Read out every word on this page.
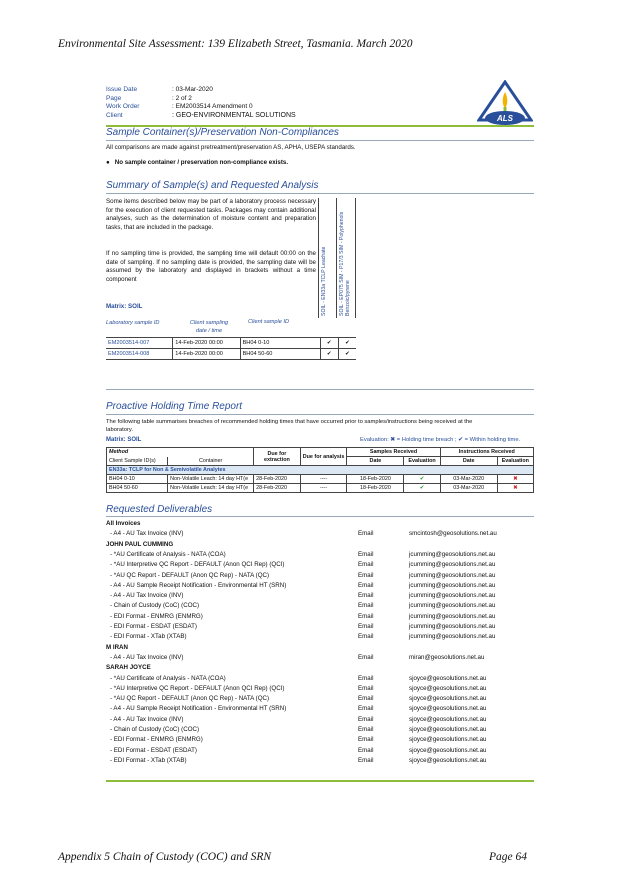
Environmental Site Assessment: 139 Elizabeth Street, Tasmania. March 2020
Appendix 5 Chain of Custody (COC) and SRN	Page 64
Issue Date	: 03-Mar-2020
Page	: 2 of 2
Work Order	: EM2003514 Amendment 0
Client	: GEO-ENVIRONMENTAL SOLUTIONS	ALS
Sample Container(s)/Preservation Non-Compliances
All comparisons are made against pretreatment/preservation AS, APHA, USEPA standards.
● No sample container / preservation non-compliance exists.
Summary of Sample(s) and Requested Analysis
Some items described below may be part of a laboratory process necessary for the execution of client requested tasks. Packages may contain additional analyses, such as the determination of moisture content and preparation tasks, that are included in the package.
If no sampling time is provided, the sampling time will default 00:00 on the date of sampling. If no sampling date is provided, the sampling date will be assumed by the laboratory and displayed in brackets without a time component
Matrix: SOIL	SOIL - EN33a TCLP Leachate	SOIL - EP075 SIM - P17/3 SIM - Polyphenols Benzoic/pyrene
Laboratory sample ID	Client sampling date / time
Client sample ID
EM2003514-007	14-Feb-2020 00:00	BH04 0-10	✔	✔
EM2003514-008	14-Feb-2020 00:00	BH04 50-60	✔	✔
Proactive Holding Time Report
The following table summarises breaches of recommended holding times that have occurred prior to samples/instructions being received at the laboratory.
Matrix: SOIL	Evaluation: ✖ = Holding time breach ; ✔ = Within holding time.
Method		Due for extraction	Due for analysis	Samples Received		Instructions Received	
Client Sample ID(s)	Container			Date	Evaluation	Date	Evaluation
EN33a: TCLP for Non & Semivolatile Analytes							
BH04 0-10	Non-Volatile Leach: 14 day HT(e	28-Feb-2020	----	18-Feb-2020	✔	03-Mar-2020	✖
BH04 50-60	Non-Volatile Leach: 14 day HT(e	28-Feb-2020	----	18-Feb-2020	✔	03-Mar-2020	✖
Requested Deliverables
All Invoices
- A4 - AU Tax Invoice (INV)	Email	smcintosh@geosolutions.net.au
JOHN PAUL CUMMING
- *AU Certificate of Analysis - NATA (COA)	Email	jcumming@geosolutions.net.au
- *AU Interpretive QC Report - DEFAULT (Anon QCI Rep) (QCI)	Email	jcumming@geosolutions.net.au
- *AU QC Report - DEFAULT (Anon QC Rep) - NATA (QC)	Email	jcumming@geosolutions.net.au
- A4 - AU Sample Receipt Notification - Environmental HT (SRN)	Email	jcumming@geosolutions.net.au
- A4 - AU Tax Invoice (INV)	Email	jcumming@geosolutions.net.au
- Chain of Custody (CoC) (COC)	Email	jcumming@geosolutions.net.au
- EDI Format - ENMRG (ENMRG)	Email	jcumming@geosolutions.net.au
- EDI Format - ESDAT (ESDAT)	Email	jcumming@geosolutions.net.au
- EDI Format - XTab (XTAB)	Email	jcumming@geosolutions.net.au
M IRAN
- A4 - AU Tax Invoice (INV)	Email	miran@geosolutions.net.au
SARAH JOYCE
- *AU Certificate of Analysis - NATA (COA)	Email	sjoyce@geosolutions.net.au
- *AU Interpretive QC Report - DEFAULT (Anon QCI Rep) (QCI)	Email	sjoyce@geosolutions.net.au
- *AU QC Report - DEFAULT (Anon QC Rep) - NATA (QC)	Email	sjoyce@geosolutions.net.au
- A4 - AU Sample Receipt Notification - Environmental HT (SRN)	Email	sjoyce@geosolutions.net.au
- A4 - AU Tax Invoice (INV)	Email	sjoyce@geosolutions.net.au
- Chain of Custody (CoC) (COC)	Email	sjoyce@geosolutions.net.au
- EDI Format - ENMRG (ENMRG)	Email	sjoyce@geosolutions.net.au
- EDI Format - ESDAT (ESDAT)	Email	sjoyce@geosolutions.net.au
- EDI Format - XTab (XTAB)	Email	sjoyce@geosolutions.net.au
